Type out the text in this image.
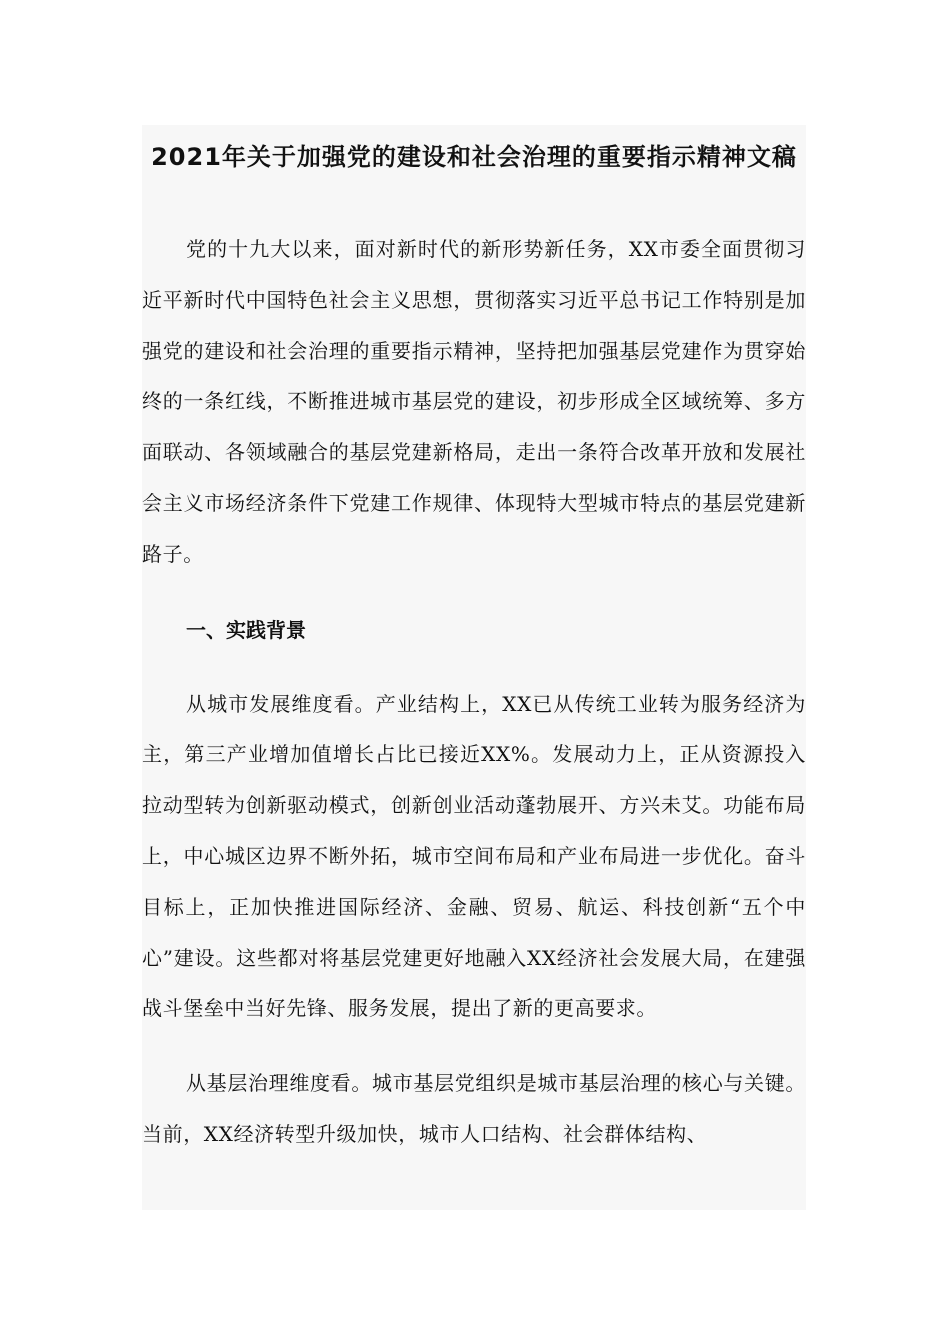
2021年关于加强党的建设和社会治理的重要指示精神文稿

党的十九大以来，面对新时代的新形势新任务，XX市委全面贯彻习近平新时代中国特色社会主义思想，贯彻落实习近平总书记工作特别是加强党的建设和社会治理的重要指示精神，坚持把加强基层党建作为贯穿始终的一条红线，不断推进城市基层党的建设，初步形成全区域统筹、多方面联动、各领域融合的基层党建新格局，走出一条符合改革开放和发展社会主义市场经济条件下党建工作规律、体现特大型城市特点的基层党建新路子。

一、实践背景

从城市发展维度看。产业结构上，XX已从传统工业转为服务经济为主，第三产业增加值增长占比已接近XX%。发展动力上，正从资源投入拉动型转为创新驱动模式，创新创业活动蓬勃展开、方兴未艾。功能布局上，中心城区边界不断外拓，城市空间布局和产业布局进一步优化。奋斗目标上，正加快推进国际经济、金融、贸易、航运、科技创新“五个中心”建设。这些都对将基层党建更好地融入XX经济社会发展大局，在建强战斗堡垒中当好先锋、服务发展，提出了新的更高要求。

从基层治理维度看。城市基层党组织是城市基层治理的核心与关键。当前，XX经济转型升级加快，城市人口结构、社会群体结构、
